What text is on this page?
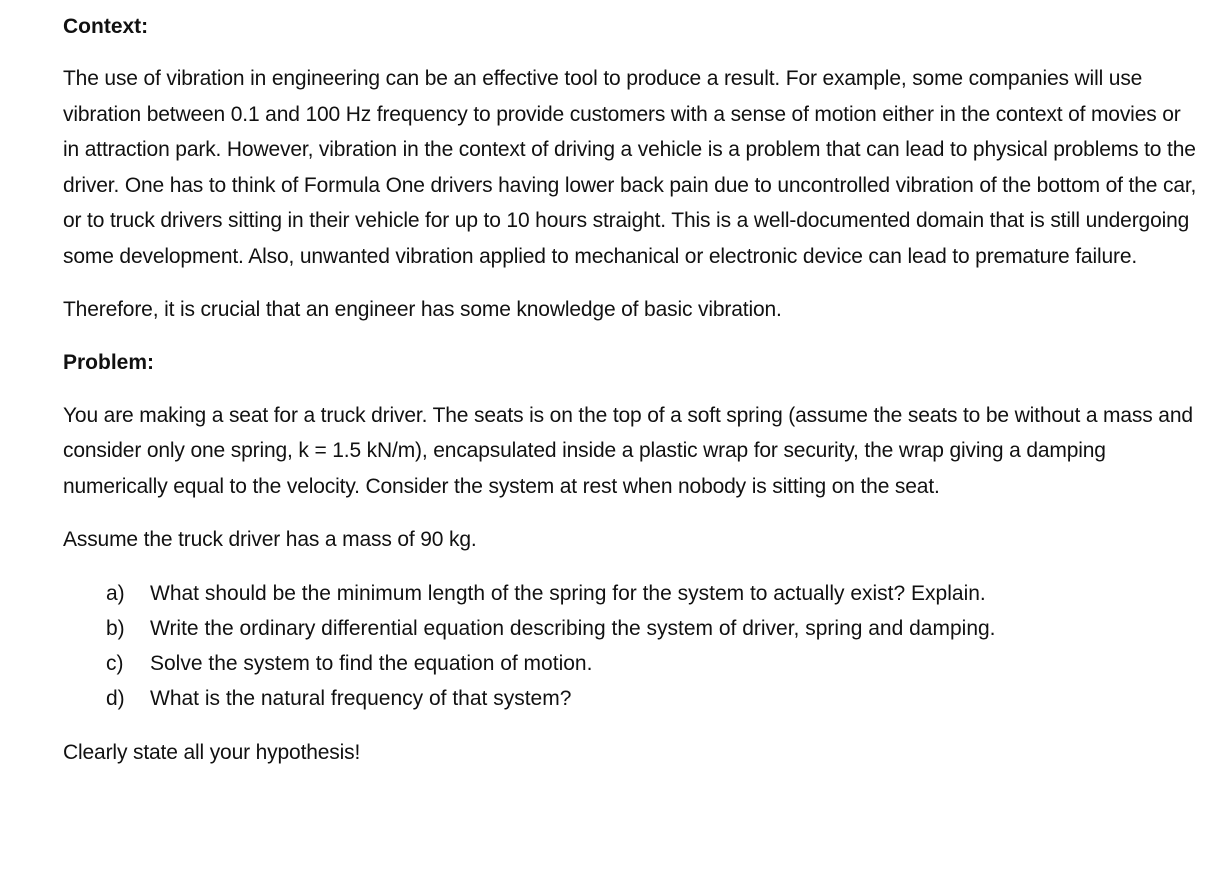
Context:

The use of vibration in engineering can be an effective tool to produce a result. For example, some companies will use vibration between 0.1 and 100 Hz frequency to provide customers with a sense of motion either in the context of movies or in attraction park. However, vibration in the context of driving a vehicle is a problem that can lead to physical problems to the driver. One has to think of Formula One drivers having lower back pain due to uncontrolled vibration of the bottom of the car, or to truck drivers sitting in their vehicle for up to 10 hours straight. This is a well-documented domain that is still undergoing some development. Also, unwanted vibration applied to mechanical or electronic device can lead to premature failure.

Therefore, it is crucial that an engineer has some knowledge of basic vibration.

Problem:

You are making a seat for a truck driver. The seats is on the top of a soft spring (assume the seats to be without a mass and consider only one spring, k = 1.5 kN/m), encapsulated inside a plastic wrap for security, the wrap giving a damping numerically equal to the velocity. Consider the system at rest when nobody is sitting on the seat.

Assume the truck driver has a mass of 90 kg.

a)	What should be the minimum length of the spring for the system to actually exist? Explain.
b)	Write the ordinary differential equation describing the system of driver, spring and damping.
c)	Solve the system to find the equation of motion.
d)	What is the natural frequency of that system?

Clearly state all your hypothesis!
